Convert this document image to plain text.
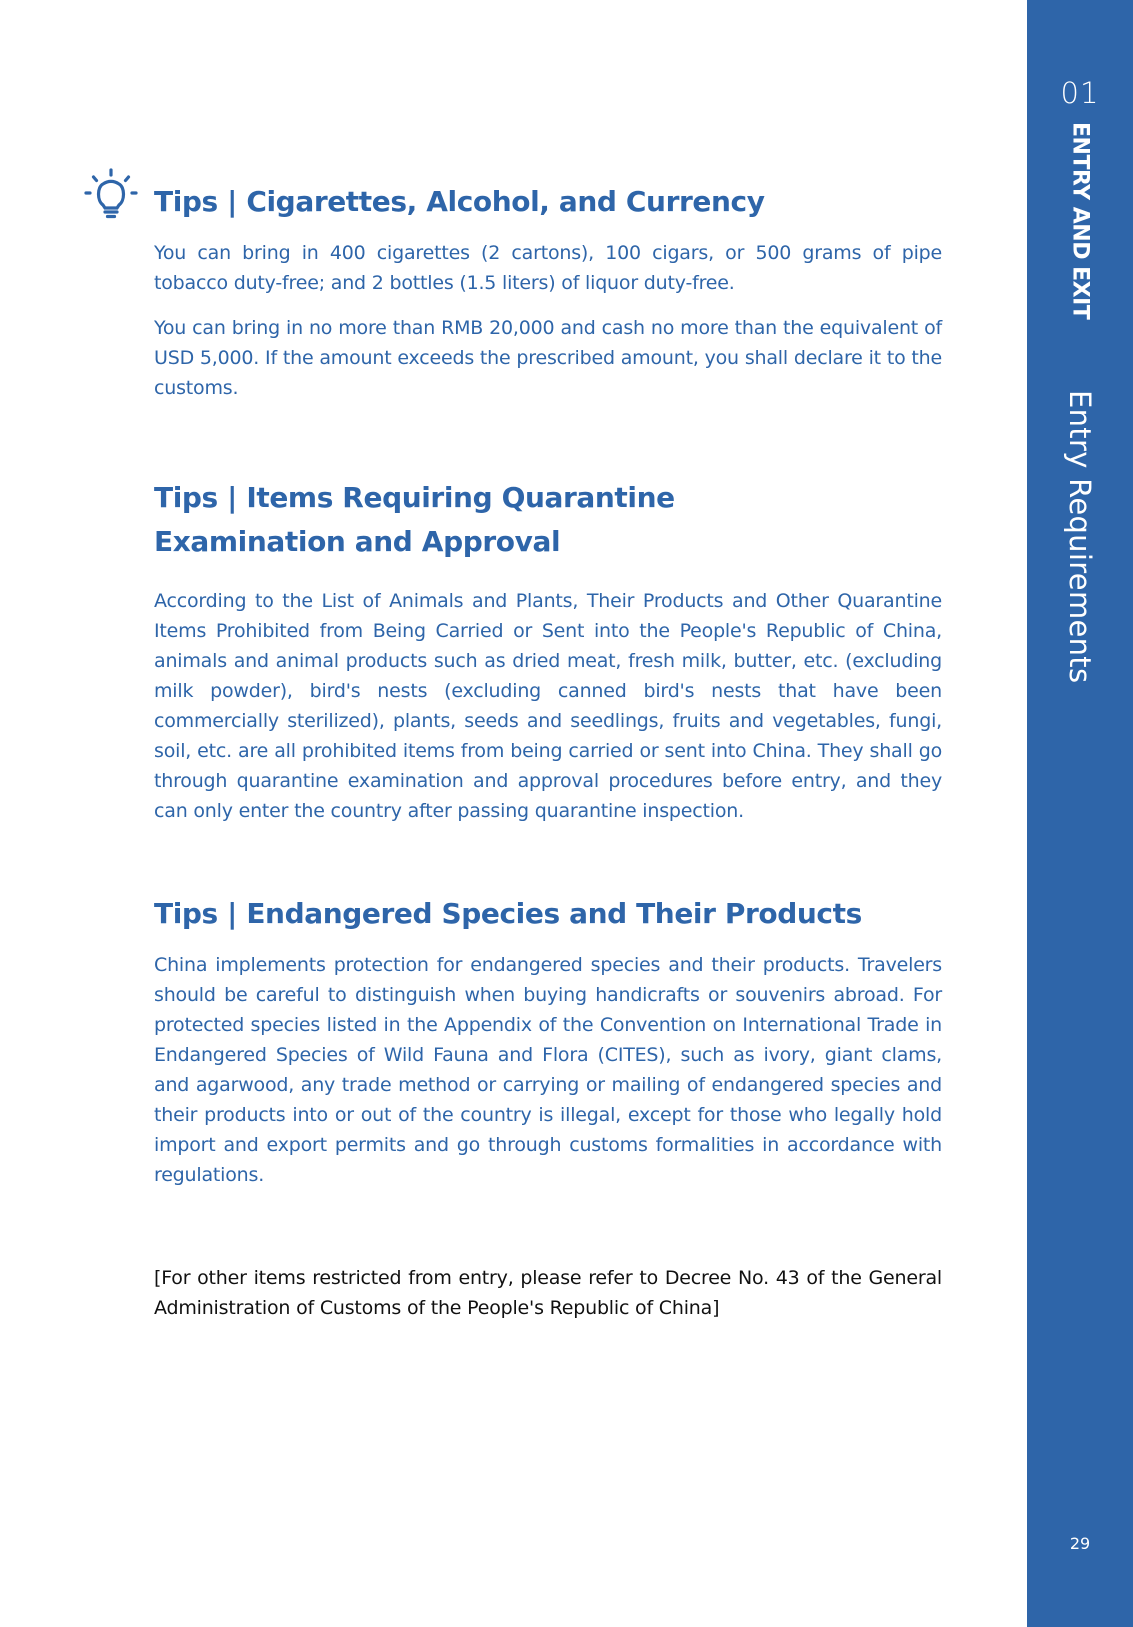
Tips | Cigarettes, Alcohol, and Currency

You can bring in 400 cigarettes (2 cartons), 100 cigars, or 500 grams of pipe tobacco duty-free; and 2 bottles (1.5 liters) of liquor duty-free.

You can bring in no more than RMB 20,000 and cash no more than the equivalent of USD 5,000. If the amount exceeds the prescribed amount, you shall declare it to the customs.

Tips | Items Requiring Quarantine Examination and Approval

According to the List of Animals and Plants, Their Products and Other Quarantine Items Prohibited from Being Carried or Sent into the People's Republic of China, animals and animal products such as dried meat, fresh milk, butter, etc. (excluding milk powder), bird's nests (excluding canned bird's nests that have been commercially sterilized), plants, seeds and seedlings, fruits and vegetables, fungi, soil, etc. are all prohibited items from being carried or sent into China. They shall go through quarantine examination and approval procedures before entry, and they can only enter the country after passing quarantine inspection.

Tips | Endangered Species and Their Products

China implements protection for endangered species and their products. Travelers should be careful to distinguish when buying handicrafts or souvenirs abroad. For protected species listed in the Appendix of the Convention on International Trade in Endangered Species of Wild Fauna and Flora (CITES), such as ivory, giant clams, and agarwood, any trade method or carrying or mailing of endangered species and their products into or out of the country is illegal, except for those who legally hold import and export permits and go through customs formalities in accordance with regulations.

[For other items restricted from entry, please refer to Decree No. 43 of the General Administration of Customs of the People's Republic of China]

01
ENTRY AND EXIT
Entry Requirements
29
